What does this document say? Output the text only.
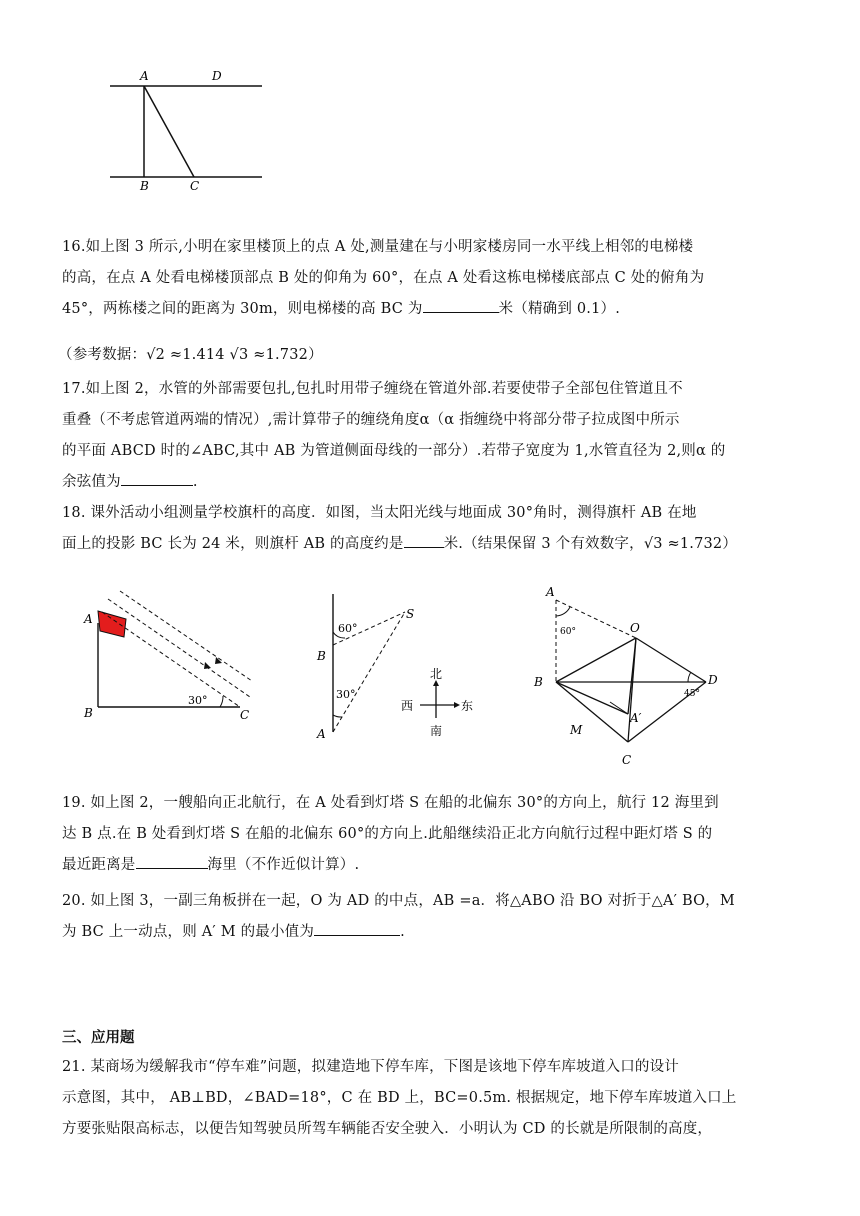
A	D
B	C
16.如上图 3 所示,小明在家里楼顶上的点 A 处,测量建在与小明家楼房同一水平线上相邻的电梯楼
的高，在点 A 处看电梯楼顶部点 B 处的仰角为 60°，在点 A 处看这栋电梯楼底部点 C 处的俯角为
45°，两栋楼之间的距离为 30m，则电梯楼的高 BC 为	米（精确到 0.1）.
（参考数据：√2 ≈1.414 √3 ≈1.732）
17.如上图 2，水管的外部需要包扎,包扎时用带子缠绕在管道外部.若要使带子全部包住管道且不
重叠（不考虑管道两端的情况）,需计算带子的缠绕角度α（α 指缠绕中将部分带子拉成图中所示
的平面 ABCD 时的∠ABC,其中 AB 为管道侧面母线的一部分）.若带子宽度为 1,水管直径为 2,则α 的
余弦值为	.
18. 课外活动小组测量学校旗杆的高度．如图，当太阳光线与地面成 30°角时，测得旗杆 AB 在地
面上的投影 BC 长为 24 米，则旗杆 AB 的高度约是	米.（结果保留 3 个有效数字，√3 ≈1.732）
A
B	C
30°
S
B
A
60°
30°
北
南
西	东
A
O
B	D
A′
M
C
60°
45°
19. 如上图 2，一艘船向正北航行，在 A 处看到灯塔 S 在船的北偏东 30°的方向上，航行 12 海里到
达 B 点.在 B 处看到灯塔 S 在船的北偏东 60°的方向上.此船继续沿正北方向航行过程中距灯塔 S 的
最近距离是	海里（不作近似计算）.
20. 如上图 3，一副三角板拼在一起，O 为 AD 的中点，AB =a．将△ABO 沿 BO 对折于△A′ BO，M
为 BC 上一动点，则 A′ M 的最小值为	.
三、应用题
21. 某商场为缓解我市“停车难”问题，拟建造地下停车库，下图是该地下停车库坡道入口的设计
示意图，其中， AB⊥BD，∠BAD=18°，C 在 BD 上，BC=0.5m. 根据规定，地下停车库坡道入口上
方要张贴限高标志，以便告知驾驶员所驾车辆能否安全驶入．小明认为 CD 的长就是所限制的高度，
